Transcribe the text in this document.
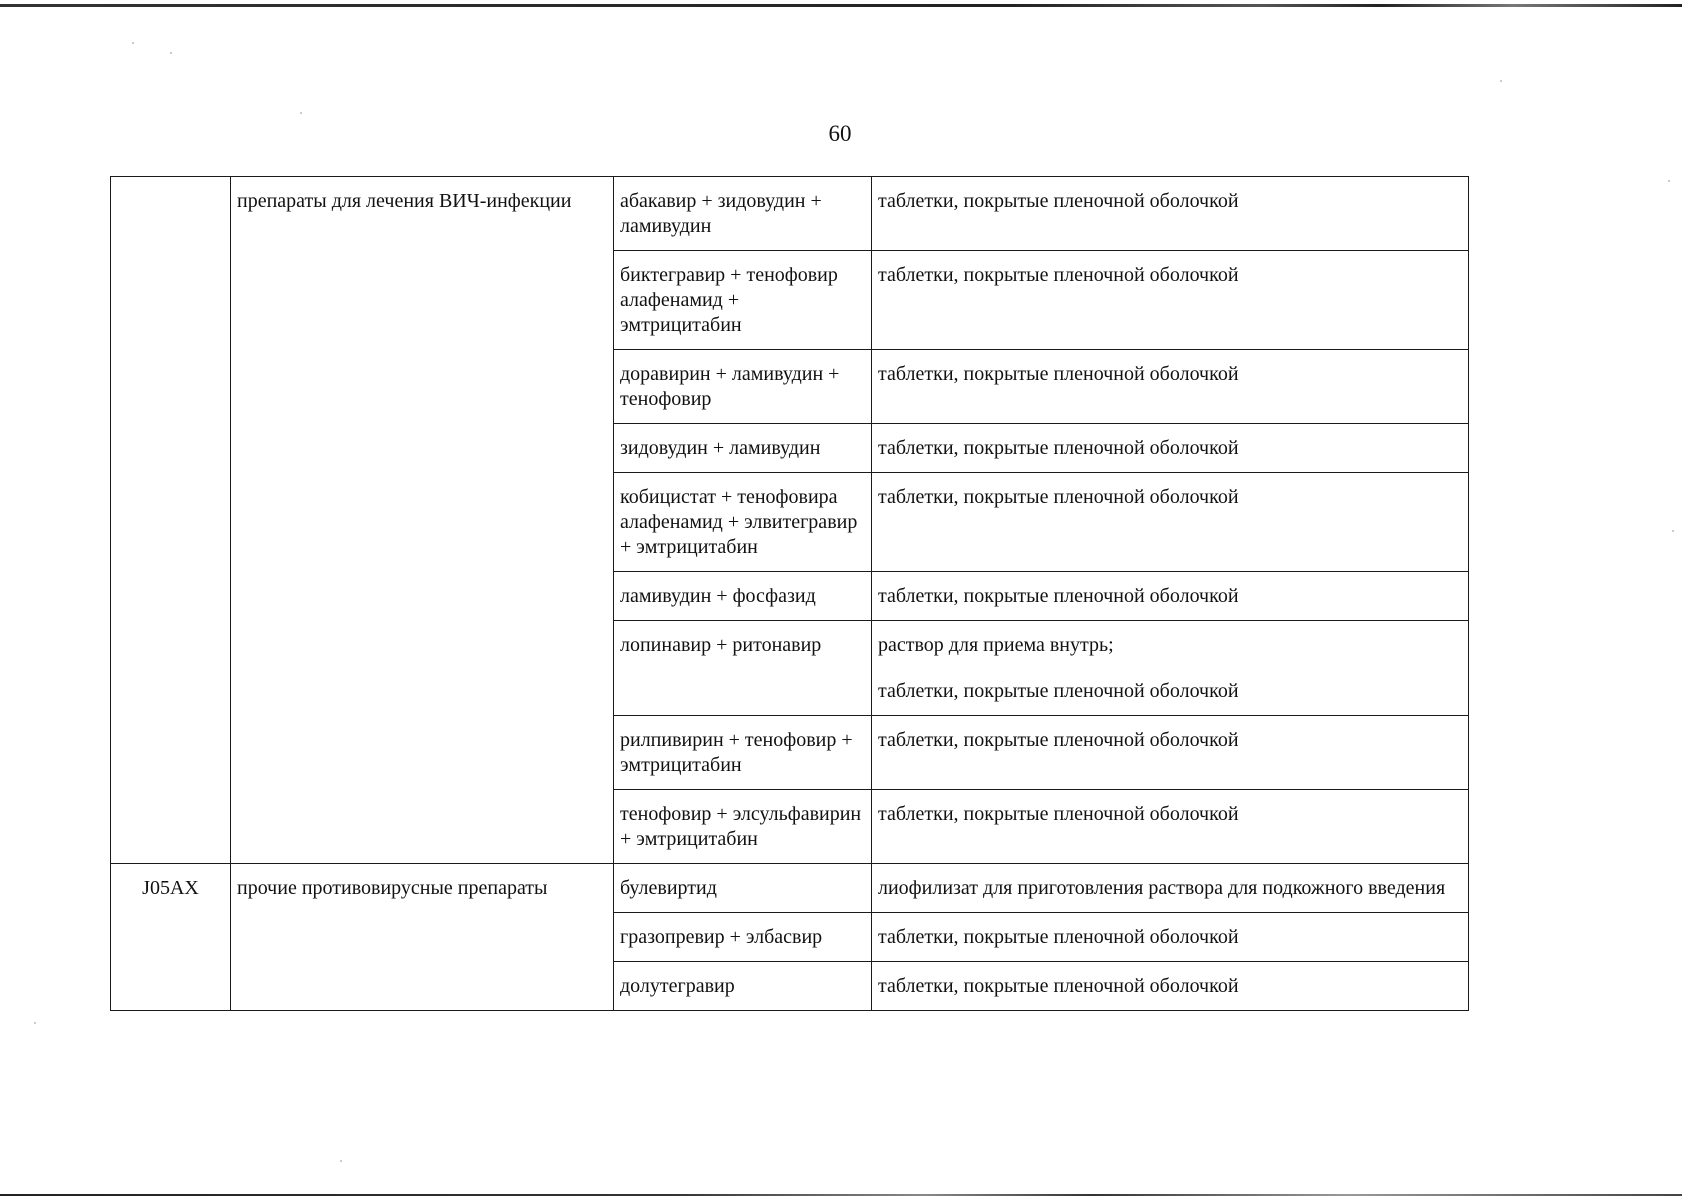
60
	препараты для лечения ВИЧ-инфекции	абакавир + зидовудин + ламивудин	таблетки, покрытые пленочной оболочкой

		биктегравир + тенофовир алафенамид + эмтрицитабин	таблетки, покрытые пленочной оболочкой

		доравирин + ламивудин + тенофовир	таблетки, покрытые пленочной оболочкой

		зидовудин + ламивудин	таблетки, покрытые пленочной оболочкой

		кобицистат + тенофовира алафенамид + элвитегравир + эмтрицитабин	таблетки, покрытые пленочной оболочкой

		ламивудин + фосфазид	таблетки, покрытые пленочной оболочкой

		лопинавир + ритонавир	раствор для приема внутрь;
таблетки, покрытые пленочной оболочкой

		рилпивирин + тенофовир + эмтрицитабин	таблетки, покрытые пленочной оболочкой

		тенофовир + элсульфавирин + эмтрицитабин	таблетки, покрытые пленочной оболочкой

J05AX	прочие противовирусные препараты	булевиртид	лиофилизат для приготовления раствора для подкожного введения

		гразопревир + элбасвир	таблетки, покрытые пленочной оболочкой

		долутегравир	таблетки, покрытые пленочной оболочкой
